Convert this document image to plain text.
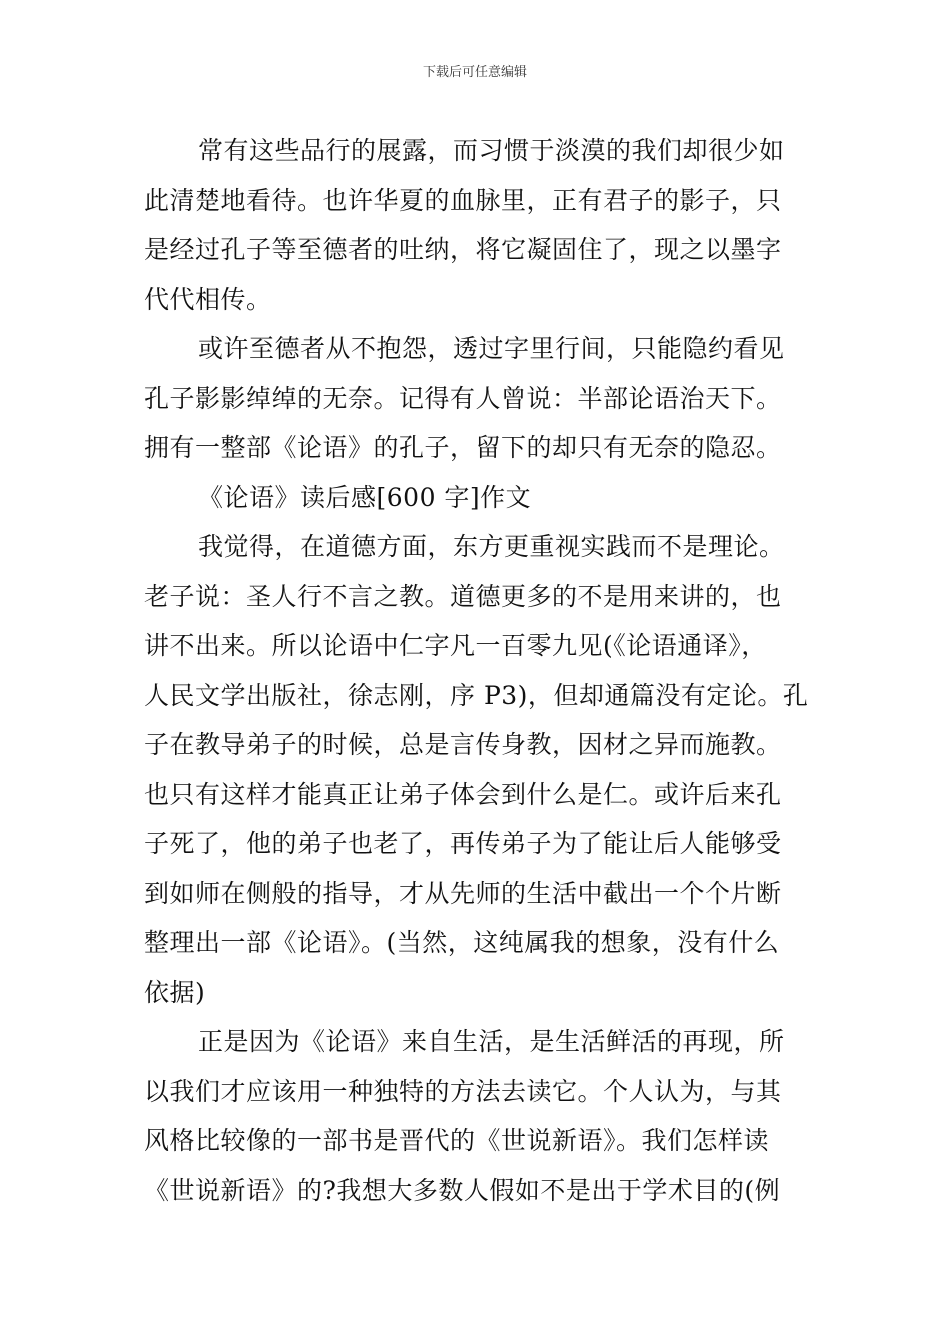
下载后可任意编辑
常有这些品行的展露，而习惯于淡漠的我们却很少如
此清楚地看待。也许华夏的血脉里，正有君子的影子，只
是经过孔子等至德者的吐纳，将它凝固住了，现之以墨字
代代相传。
或许至德者从不抱怨，透过字里行间，只能隐约看见
孔子影影绰绰的无奈。记得有人曾说：半部论语治天下。
拥有一整部《论语》的孔子，留下的却只有无奈的隐忍。
《论语》读后感[600 字]作文
我觉得，在道德方面，东方更重视实践而不是理论。
老子说：圣人行不言之教。道德更多的不是用来讲的，也
讲不出来。所以论语中仁字凡一百零九见(《论语通译》，
人民文学出版社，徐志刚，序 P3)，但却通篇没有定论。孔
子在教导弟子的时候，总是言传身教，因材之异而施教。
也只有这样才能真正让弟子体会到什么是仁。或许后来孔
子死了，他的弟子也老了，再传弟子为了能让后人能够受
到如师在侧般的指导，才从先师的生活中截出一个个片断
整理出一部《论语》。(当然，这纯属我的想象，没有什么
依据)
正是因为《论语》来自生活，是生活鲜活的再现，所
以我们才应该用一种独特的方法去读它。个人认为，与其
风格比较像的一部书是晋代的《世说新语》。我们怎样读
《世说新语》的?我想大多数人假如不是出于学术目的(例
